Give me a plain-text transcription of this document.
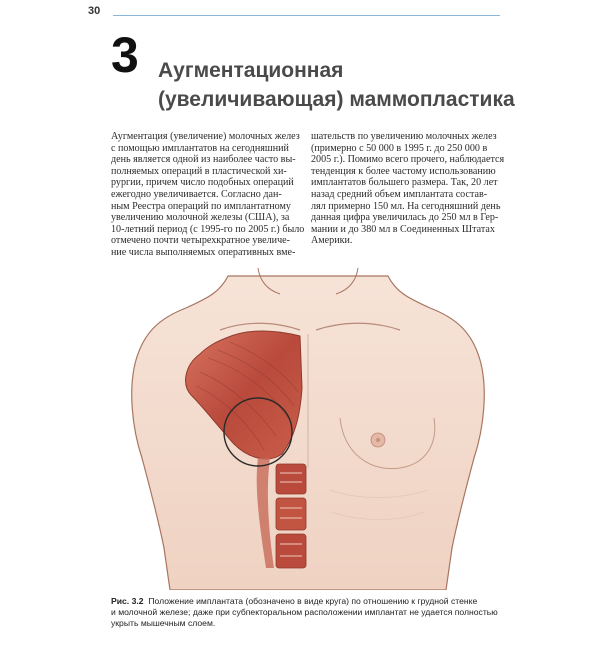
30
3 Аугментационная
(увеличивающая) маммопластика
Аугментация (увеличение) молочных желез
с помощью имплантатов на сегодняшний
день является одной из наиболее часто вы-
полняемых операций в пластической хи-
рургии, причем число подобных операций
ежегодно увеличивается. Согласно дан-
ным Реестра операций по имплантатному
увеличению молочной железы (США), за
10-летний период (с 1995-го по 2005 г.) было
отмечено почти четырехкратное увеличе-
ние числа выполняемых оперативных вме-
шательств по увеличению молочных желез
(примерно с 50 000 в 1995 г. до 250 000 в
2005 г.). Помимо всего прочего, наблюдается
тенденция к более частому использованию
имплантатов большего размера. Так, 20 лет
назад средний объем имплантата состав-
лял примерно 150 мл. На сегодняшний день
данная цифра увеличилась до 250 мл в Гер-
мании и до 380 мл в Соединенных Штатах
Америки.
Рис. 3.2 Положение имплантата (обозначено в виде круга) по отношению к грудной стенке
и молочной железе; даже при субпекторальном расположении имплантат не удается полностью
укрыть мышечным слоем.
